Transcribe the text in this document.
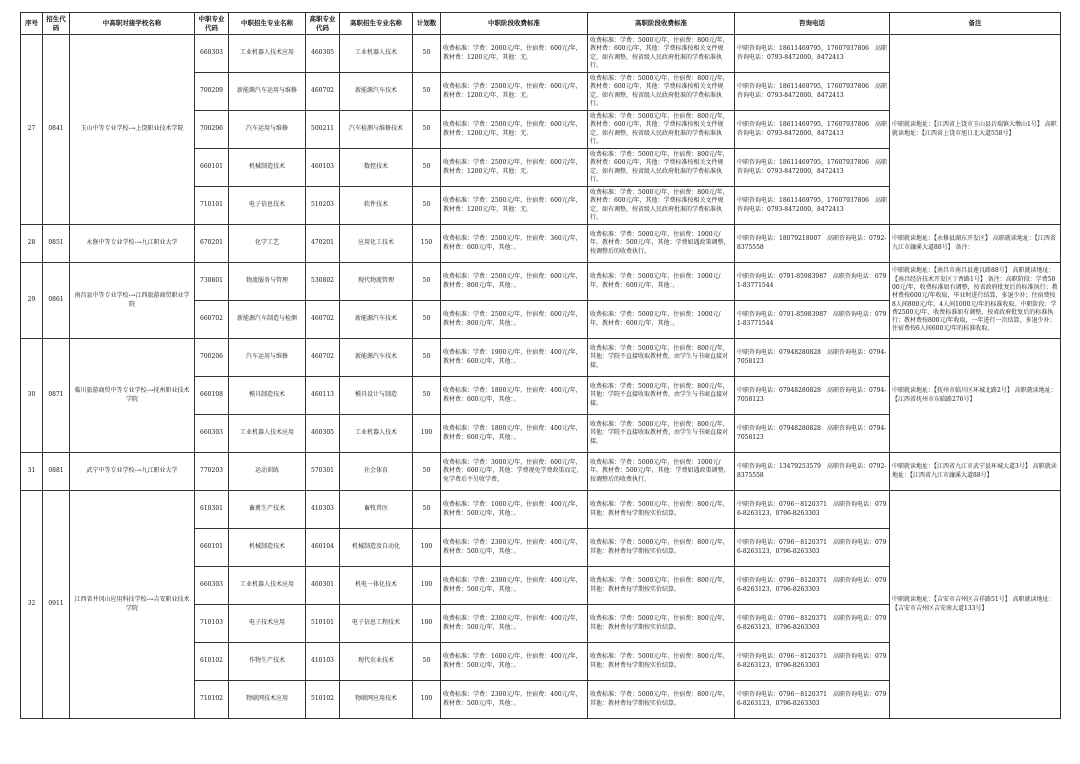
序号	招生代码	中高职对接学校名称	中职专业代码	中职招生专业名称	高职专业代码	高职招生专业名称	计划数	中职阶段收费标准	高职阶段收费标准	咨询电话	备注
27	0841	玉山中等专业学校-→上饶职业技术学院	660303	工业机器人技术应用	460305	工业机器人技术	50	收费标准：学费：2000元/年，住宿费：600元/年，教材费：1200元/年，其他：无。	收费标准：学费：5000元/年，住宿费：800元/年，教材费：600元/年，其他：学费标准按相关文件规定，如有调整，按省级人民政府批准的学费标准执行。	中职咨询电话：18611469795，17607937806　高职咨询电话：0793-8472000，8472413	中职就读地址：【江西省上饶市玉山县岩瑞镇大墩山1号】 高职就读地址：【江西省上饶市旭日北大道558号】
			700209	新能源汽车运用与维修	460702	新能源汽车技术	50	收费标准：学费：2500元/年，住宿费：600元/年，教材费：1200元/年，其他：无。	收费标准：学费：5000元/年，住宿费：800元/年，教材费：600元/年，其他：学费标准按相关文件规定，如有调整，按省级人民政府批准的学费标准执行。	中职咨询电话：18611469795，17607937806　高职咨询电话：0793-8472000，8472413	
			700206	汽车运用与维修	500211	汽车检测与维修技术	50	收费标准：学费：2500元/年，住宿费：600元/年，教材费：1200元/年，其他：无。	收费标准：学费：5000元/年，住宿费：800元/年，教材费：600元/年，其他：学费标准按相关文件规定，如有调整，按省级人民政府批准的学费标准执行。	中职咨询电话：18611469795，17607937806　高职咨询电话：0793-8472000，8472413	
			660101	机械制造技术	460103	数控技术	50	收费标准：学费：2500元/年，住宿费：600元/年，教材费：1200元/年，其他：无。	收费标准：学费：5000元/年，住宿费：800元/年，教材费：600元/年，其他：学费标准按相关文件规定，如有调整，按省级人民政府批准的学费标准执行。	中职咨询电话：18611469795，17607937806　高职咨询电话：0793-8472000，8472413	
			710101	电子信息技术	510203	软件技术	50	收费标准：学费：2500元/年，住宿费：600元/年，教材费：1200元/年，其他：无。	收费标准：学费：5000元/年，住宿费：800元/年，教材费：600元/年，其他：学费标准按相关文件规定，如有调整，按省级人民政府批准的学费标准执行。	中职咨询电话：18611469795，17607937806　高职咨询电话：0793-8472000，8472413	
28	0851	永修中等专业学校-→九江职业大学	670201	化学工艺	470201	应用化工技术	150	收费标准：学费：2500元/年，住宿费：360元/年，教材费：600元/年，其他：。	收费标准：学费：5000元/年，住宿费：1000元/年，教材费：500元/年，其他：学费如遇政策调整，按调整后的收费执行。	中职咨询电话：18079218007　高职咨询电话：0792-8375558	中职就读地址：【永修县湖东开发区】 高职就读地址：【江西省九江市濂溪大道88号】 备注：
29	0861	南昌县中等专业学校-→江西旅游商贸职业学院	730801	物流服务与管理	530802	现代物流管理	50	收费标准：学费：2500元/年，住宿费：600元/年，教材费：800元/年，其他：。	收费标准：学费：5000元/年，住宿费：1000元/年，教材费：600元/年，其他：。	中职咨询电话：0791-85983987　高职咨询电话：0791-83771544	中职就读地址：【南昌市南昌县莲良路88号】 高职就读地址：【南昌经济技术开发区丁香路1号】 备注：高职阶段：学费5000元/年，收费标准如有调整，按省政府批复后的标准执行；教材费按600元/年收取，毕业时进行结算，多退少补；住宿费按8人间800元/年、4人间1000元/年的标准收取。中职阶段：学费2500元/年，收费标准如有调整，按省政府批复后的标准执行；教材费按800元/年收取，一年进行一次结算，多退少补；住宿费按6人间600元/年的标准收取。
			660702	新能源汽车制造与检测	460702	新能源汽车技术	50	收费标准：学费：2500元/年，住宿费：600元/年，教材费：800元/年，其他：。	收费标准：学费：5000元/年，住宿费：1000元/年，教材费：600元/年，其他：。	中职咨询电话：0791-85983987　高职咨询电话：0791-83771544	
30	0871	临川旅游商贸中等专业学校-→抚州职业技术学院	700206	汽车运用与维修	460702	新能源汽车技术	50	收费标准：学费：1900元/年，住宿费：400元/年，教材费：600元/年，其他：。	收费标准：学费：5000元/年，住宿费：800元/年，其他：学院不直接收取教材费，由学生与书商直接对接。	中职咨询电话：07948280828　高职咨询电话：0794-7058123	中职就读地址：【抚州市临川区环城北路2号】 高职就读地址：【江西省抚州市东临路276号】
			660108	模具制造技术	460113	模具设计与制造	50	收费标准：学费：1800元/年，住宿费：400元/年，教材费：600元/年，其他：。	收费标准：学费：5000元/年，住宿费：800元/年，其他：学院不直接收取教材费，由学生与书商直接对接。	中职咨询电话：07948280828　高职咨询电话：0794-7058123	
			660303	工业机器人技术应用	460305	工业机器人技术	100	收费标准：学费：1800元/年，住宿费：400元/年，教材费：600元/年，其他：。	收费标准：学费：5000元/年，住宿费：800元/年，其他：学院不直接收取教材费，由学生与书商直接对接。	中职咨询电话：07948280828　高职咨询电话：0794-7058123	
31	0881	武宁中等专业学校-→九江职业大学	770203	运动训练	570301	社会体育	50	收费标准：学费：3000元/年，住宿费：600元/年，教材费：600元/年，其他：学费视免学费政策而定，免学费后不另收学费。	收费标准：学费：5000元/年，住宿费：1000元/年，教材费：500元/年，其他：学费如遇政策调整，按调整后的收费执行。	中职咨询电话：13479253579　高职咨询电话：0792-8375558	中职就读地址：【江西省九江市武宁县环城大道3号】 高职就读地址：【江西省九江市濂溪大道88号】
32	0911	江西省井冈山应用科技学校-→吉安职业技术学院	610301	畜禽生产技术	410303	畜牧兽医	50	收费标准：学费：1000元/年，住宿费：400元/年，教材费：500元/年，其他：。	收费标准：学费：5000元/年，住宿费：800元/年，其他：教材费每学期按实价结算。	中职咨询电话：0796－8120371　高职咨询电话：0796-8263123，0796-8263303	中职就读地址：【吉安市吉州区吉祥路51号】 高职就读地址：【吉安市吉州区吉安南大道133号】
			660101	机械制造技术	460104	机械制造及自动化	100	收费标准：学费：2300元/年，住宿费：400元/年，教材费：500元/年，其他：。	收费标准：学费：5000元/年，住宿费：800元/年，其他：教材费每学期按实价结算。	中职咨询电话：0796－8120371　高职咨询电话：0796-8263123，0796-8263303	
			660303	工业机器人技术应用	460301	机电一体化技术	100	收费标准：学费：2300元/年，住宿费：400元/年，教材费：500元/年，其他：。	收费标准：学费：5000元/年，住宿费：800元/年，其他：教材费每学期按实价结算。	中职咨询电话：0796－8120371　高职咨询电话：0796-8263123，0796-8263303	
			710103	电子技术应用	510101	电子信息工程技术	100	收费标准：学费：2300元/年，住宿费：400元/年，教材费：500元/年，其他：。	收费标准：学费：5000元/年，住宿费：800元/年，其他：教材费每学期按实价结算。	中职咨询电话：0796－8120371　高职咨询电话：0796-8263123，0796-8263303	
			610102	作物生产技术	410103	现代农业技术	50	收费标准：学费：1600元/年，住宿费：400元/年，教材费：500元/年，其他：。	收费标准：学费：5000元/年，住宿费：800元/年，其他：教材费每学期按实价结算。	中职咨询电话：0796－8120371　高职咨询电话：0796-8263123，0796-8263303	
			710102	物联网技术应用	510102	物联网应用技术	100	收费标准：学费：2300元/年，住宿费：400元/年，教材费：500元/年，其他：。	收费标准：学费：5000元/年，住宿费：800元/年，其他：教材费每学期按实价结算。	中职咨询电话：0796－8120371　高职咨询电话：0796-8263123，0796-8263303	
